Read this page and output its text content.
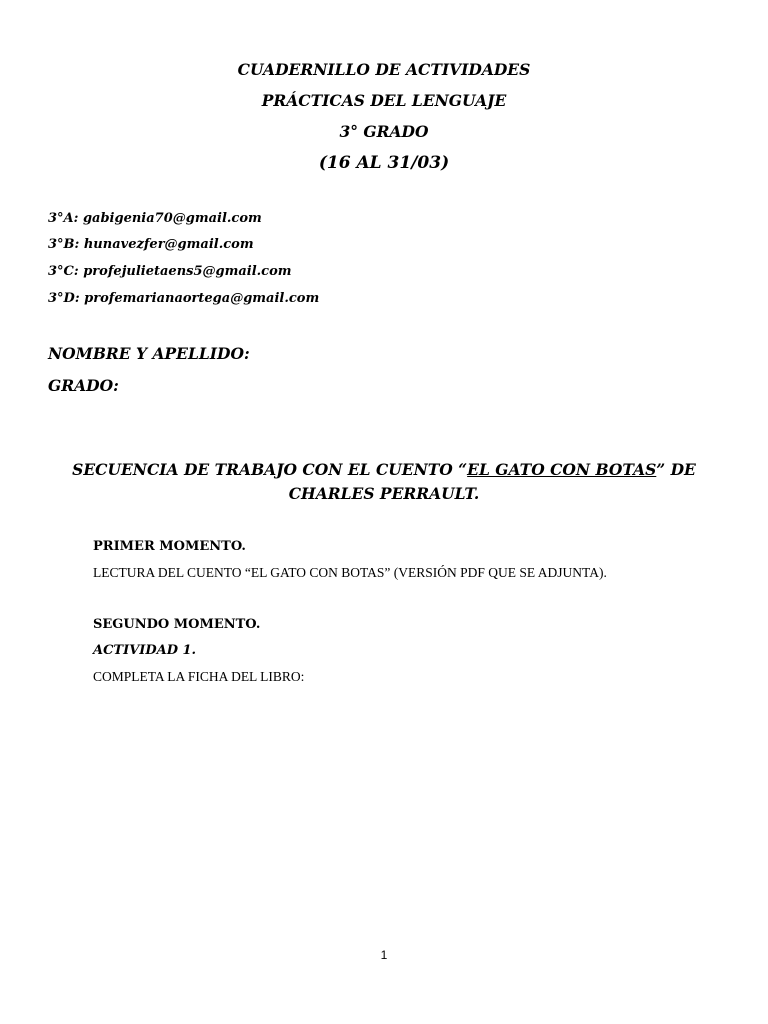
CUADERNILLO DE ACTIVIDADES
PRÁCTICAS DEL LENGUAJE
3° GRADO
(16 AL 31/03)
3°A: gabigenia70@gmail.com
3°B: hunavezfer@gmail.com
3°C: profejulietaens5@gmail.com
3°D: profemarianaortega@gmail.com
NOMBRE Y APELLIDO:
GRADO:
SECUENCIA DE TRABAJO CON EL CUENTO “EL GATO CON BOTAS” DE
CHARLES PERRAULT.
PRIMER MOMENTO.
LECTURA DEL CUENTO “EL GATO CON BOTAS” (VERSIÓN PDF QUE SE ADJUNTA).
SEGUNDO MOMENTO.
ACTIVIDAD 1.
COMPLETA LA FICHA DEL LIBRO:
1
